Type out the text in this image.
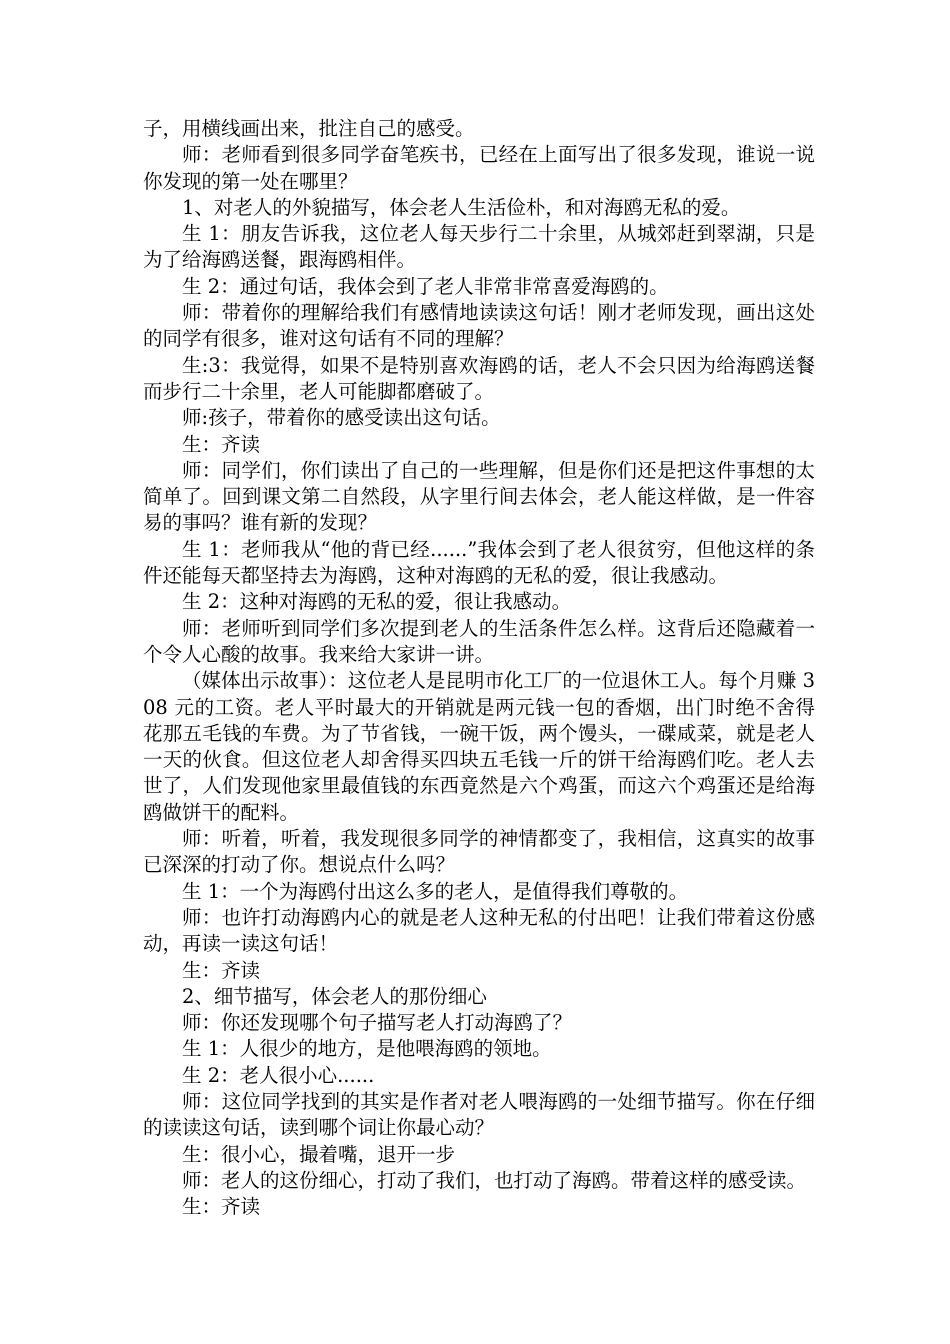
子，用横线画出来，批注自己的感受。

师：老师看到很多同学奋笔疾书，已经在上面写出了很多发现，谁说一说你发现的第一处在哪里？

1、对老人的外貌描写，体会老人生活俭朴，和对海鸥无私的爱。

生 1：朋友告诉我，这位老人每天步行二十余里，从城郊赶到翠湖，只是为了给海鸥送餐，跟海鸥相伴。

生 2：通过句话，我体会到了老人非常非常喜爱海鸥的。

师：带着你的理解给我们有感情地读读这句话！刚才老师发现，画出这处的同学有很多，谁对这句话有不同的理解？

生:3：我觉得，如果不是特别喜欢海鸥的话，老人不会只因为给海鸥送餐而步行二十余里，老人可能脚都磨破了。

师:孩子，带着你的感受读出这句话。

生：齐读

师：同学们，你们读出了自己的一些理解，但是你们还是把这件事想的太简单了。回到课文第二自然段，从字里行间去体会，老人能这样做，是一件容易的事吗？谁有新的发现？

生 1：老师我从“他的背已经......”我体会到了老人很贫穷，但他这样的条件还能每天都坚持去为海鸥，这种对海鸥的无私的爱，很让我感动。

生 2：这种对海鸥的无私的爱，很让我感动。

师：老师听到同学们多次提到老人的生活条件怎么样。这背后还隐藏着一个令人心酸的故事。我来给大家讲一讲。

（媒体出示故事）：这位老人是昆明市化工厂的一位退休工人。每个月赚 308 元的工资。老人平时最大的开销就是两元钱一包的香烟，出门时绝不舍得花那五毛钱的车费。为了节省钱，一碗干饭，两个馒头，一碟咸菜，就是老人一天的伙食。但这位老人却舍得买四块五毛钱一斤的饼干给海鸥们吃。老人去世了，人们发现他家里最值钱的东西竟然是六个鸡蛋，而这六个鸡蛋还是给海鸥做饼干的配料。

师：听着，听着，我发现很多同学的神情都变了，我相信，这真实的故事已深深的打动了你。想说点什么吗？

生 1：一个为海鸥付出这么多的老人，是值得我们尊敬的。

师：也许打动海鸥内心的就是老人这种无私的付出吧！让我们带着这份感动，再读一读这句话！

生：齐读

2、细节描写，体会老人的那份细心

师：你还发现哪个句子描写老人打动海鸥了？

生 1：人很少的地方，是他喂海鸥的领地。

生 2：老人很小心......

师：这位同学找到的其实是作者对老人喂海鸥的一处细节描写。你在仔细的读读这句话，读到哪个词让你最心动？

生：很小心，撮着嘴，退开一步

师：老人的这份细心，打动了我们，也打动了海鸥。带着这样的感受读。

生：齐读
